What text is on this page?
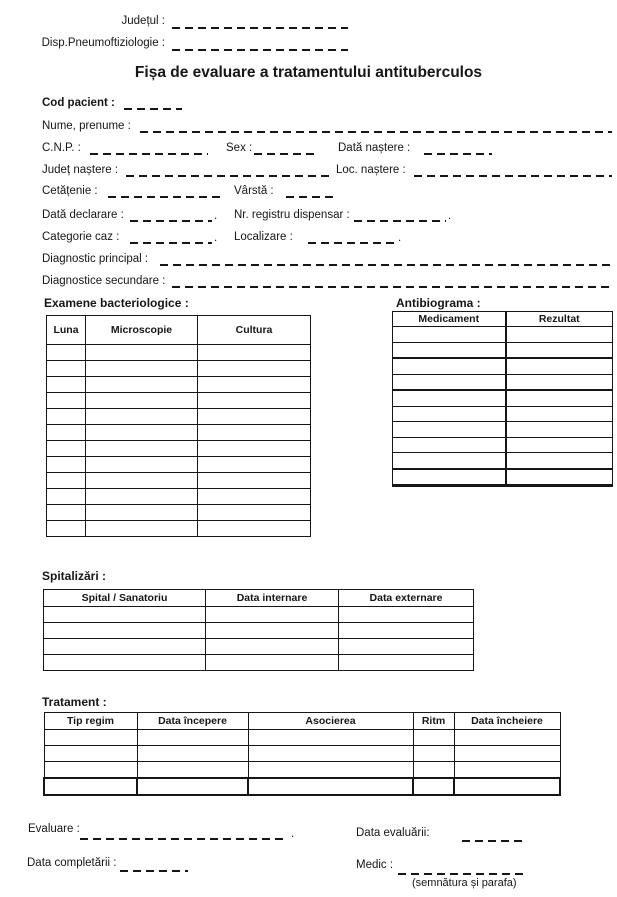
Județul :
Disp.Pneumoftiziologie :
Fișa de evaluare a tratamentului antituberculos
Cod pacient :
Nume, prenume :
C.N.P. :	Sex :	Dată naștere :
Județ naștere :	Loc. naștere :
Cetățenie :	Vârstă :
Dată declarare :	. Nr. registru dispensar :	.
Categorie caz :	. Localizare :	.
Diagnostic principal :
Diagnostice secundare :
Examene bacteriologice :
Luna	Microscopie	Cultura

Antibiograma :
Medicament	Rezultat

Spitalizări :
Spital / Sanatoriu	Data internare	Data externare

Tratament :
Tip regim	Data începere	Asocierea	Ritm	Data încheiere

Evaluare :	.	Data evaluării:
Data completării :	Medic :
(semnătura și parafa)
